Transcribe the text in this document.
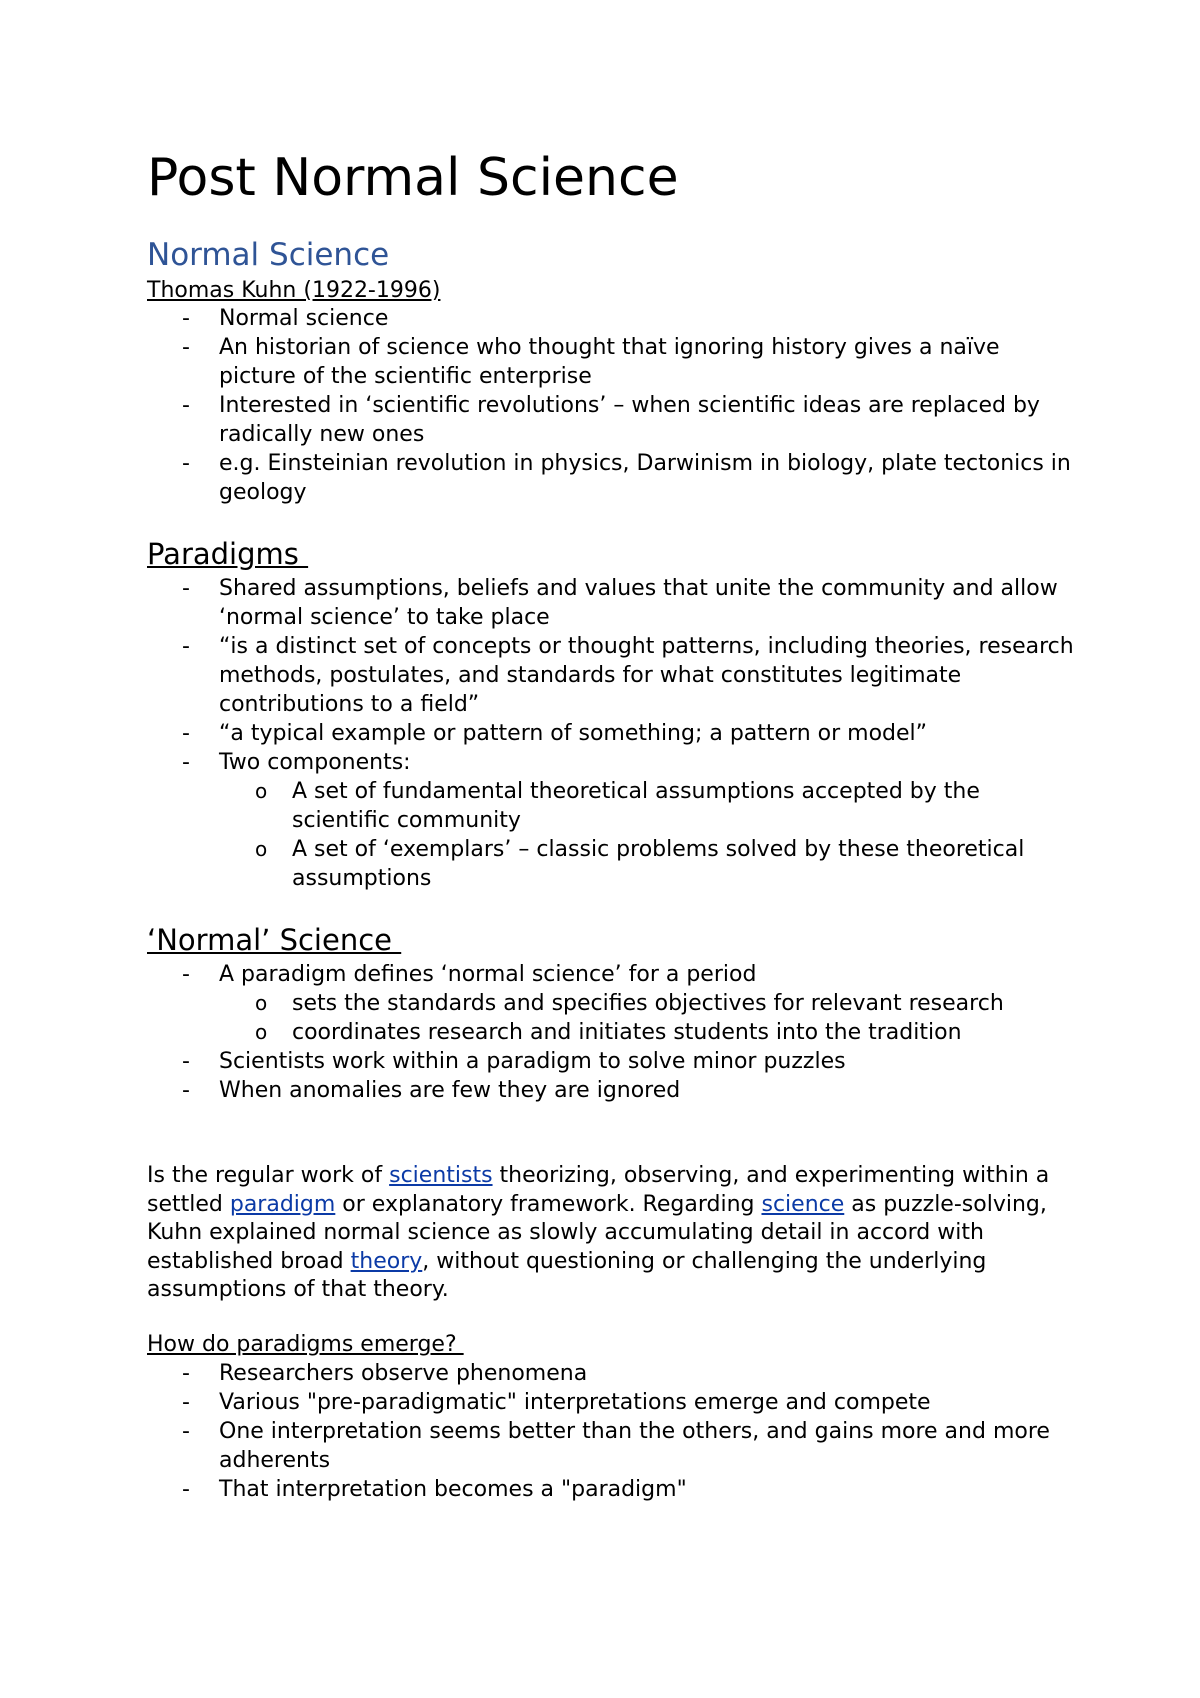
Post Normal Science
Normal Science
Thomas Kuhn (1922-1996)
- Normal science
- An historian of science who thought that ignoring history gives a naïve picture of the scientific enterprise
- Interested in ‘scientific revolutions’ – when scientific ideas are replaced by radically new ones
- e.g. Einsteinian revolution in physics, Darwinism in biology, plate tectonics in geology
Paradigms
- Shared assumptions, beliefs and values that unite the community and allow ‘normal science’ to take place
- “is a distinct set of concepts or thought patterns, including theories, research methods, postulates, and standards for what constitutes legitimate contributions to a field”
- “a typical example or pattern of something; a pattern or model”
- Two components:
o A set of fundamental theoretical assumptions accepted by the scientific community
o A set of ‘exemplars’ – classic problems solved by these theoretical assumptions
‘Normal’ Science
- A paradigm defines ‘normal science’ for a period
o sets the standards and specifies objectives for relevant research
o coordinates research and initiates students into the tradition
- Scientists work within a paradigm to solve minor puzzles
- When anomalies are few they are ignored
Is the regular work of scientists theorizing, observing, and experimenting within a settled paradigm or explanatory framework. Regarding science as puzzle-solving, Kuhn explained normal science as slowly accumulating detail in accord with established broad theory, without questioning or challenging the underlying assumptions of that theory.
How do paradigms emerge?
- Researchers observe phenomena
- Various "pre-paradigmatic" interpretations emerge and compete
- One interpretation seems better than the others, and gains more and more adherents
- That interpretation becomes a "paradigm"
